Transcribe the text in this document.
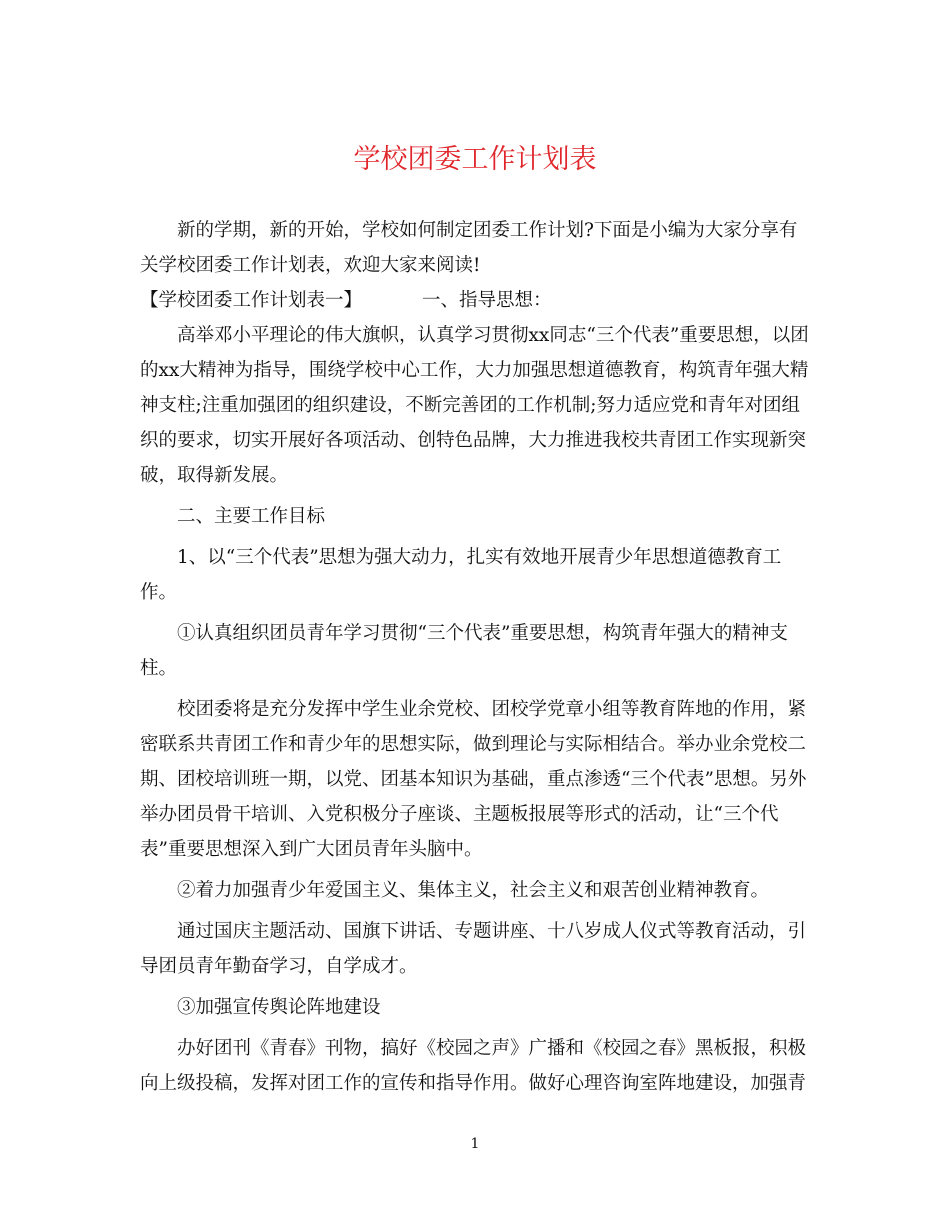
学校团委工作计划表

新的学期，新的开始，学校如何制定团委工作计划?下面是小编为大家分享有关学校团委工作计划表，欢迎大家来阅读!

【学校团委工作计划表一】	一、指导思想：

高举邓小平理论的伟大旗帜，认真学习贯彻xx同志“三个代表”重要思想，以团的xx大精神为指导，围绕学校中心工作，大力加强思想道德教育，构筑青年强大精神支柱;注重加强团的组织建设，不断完善团的工作机制;努力适应党和青年对团组织的要求，切实开展好各项活动、创特色品牌，大力推进我校共青团工作实现新突破，取得新发展。

二、主要工作目标

1、以“三个代表”思想为强大动力，扎实有效地开展青少年思想道德教育工作。

①认真组织团员青年学习贯彻“三个代表”重要思想，构筑青年强大的精神支柱。

校团委将是充分发挥中学生业余党校、团校学党章小组等教育阵地的作用，紧密联系共青团工作和青少年的思想实际，做到理论与实际相结合。举办业余党校二期、团校培训班一期，以党、团基本知识为基础，重点渗透“三个代表”思想。另外举办团员骨干培训、入党积极分子座谈、主题板报展等形式的活动，让“三个代表”重要思想深入到广大团员青年头脑中。

②着力加强青少年爱国主义、集体主义，社会主义和艰苦创业精神教育。

通过国庆主题活动、国旗下讲话、专题讲座、十八岁成人仪式等教育活动，引导团员青年勤奋学习，自学成才。

③加强宣传舆论阵地建设

办好团刊《青春》刊物，搞好《校园之声》广播和《校园之春》黑板报，积极向上级投稿，发挥对团工作的宣传和指导作用。做好心理咨询室阵地建设，加强青

1
